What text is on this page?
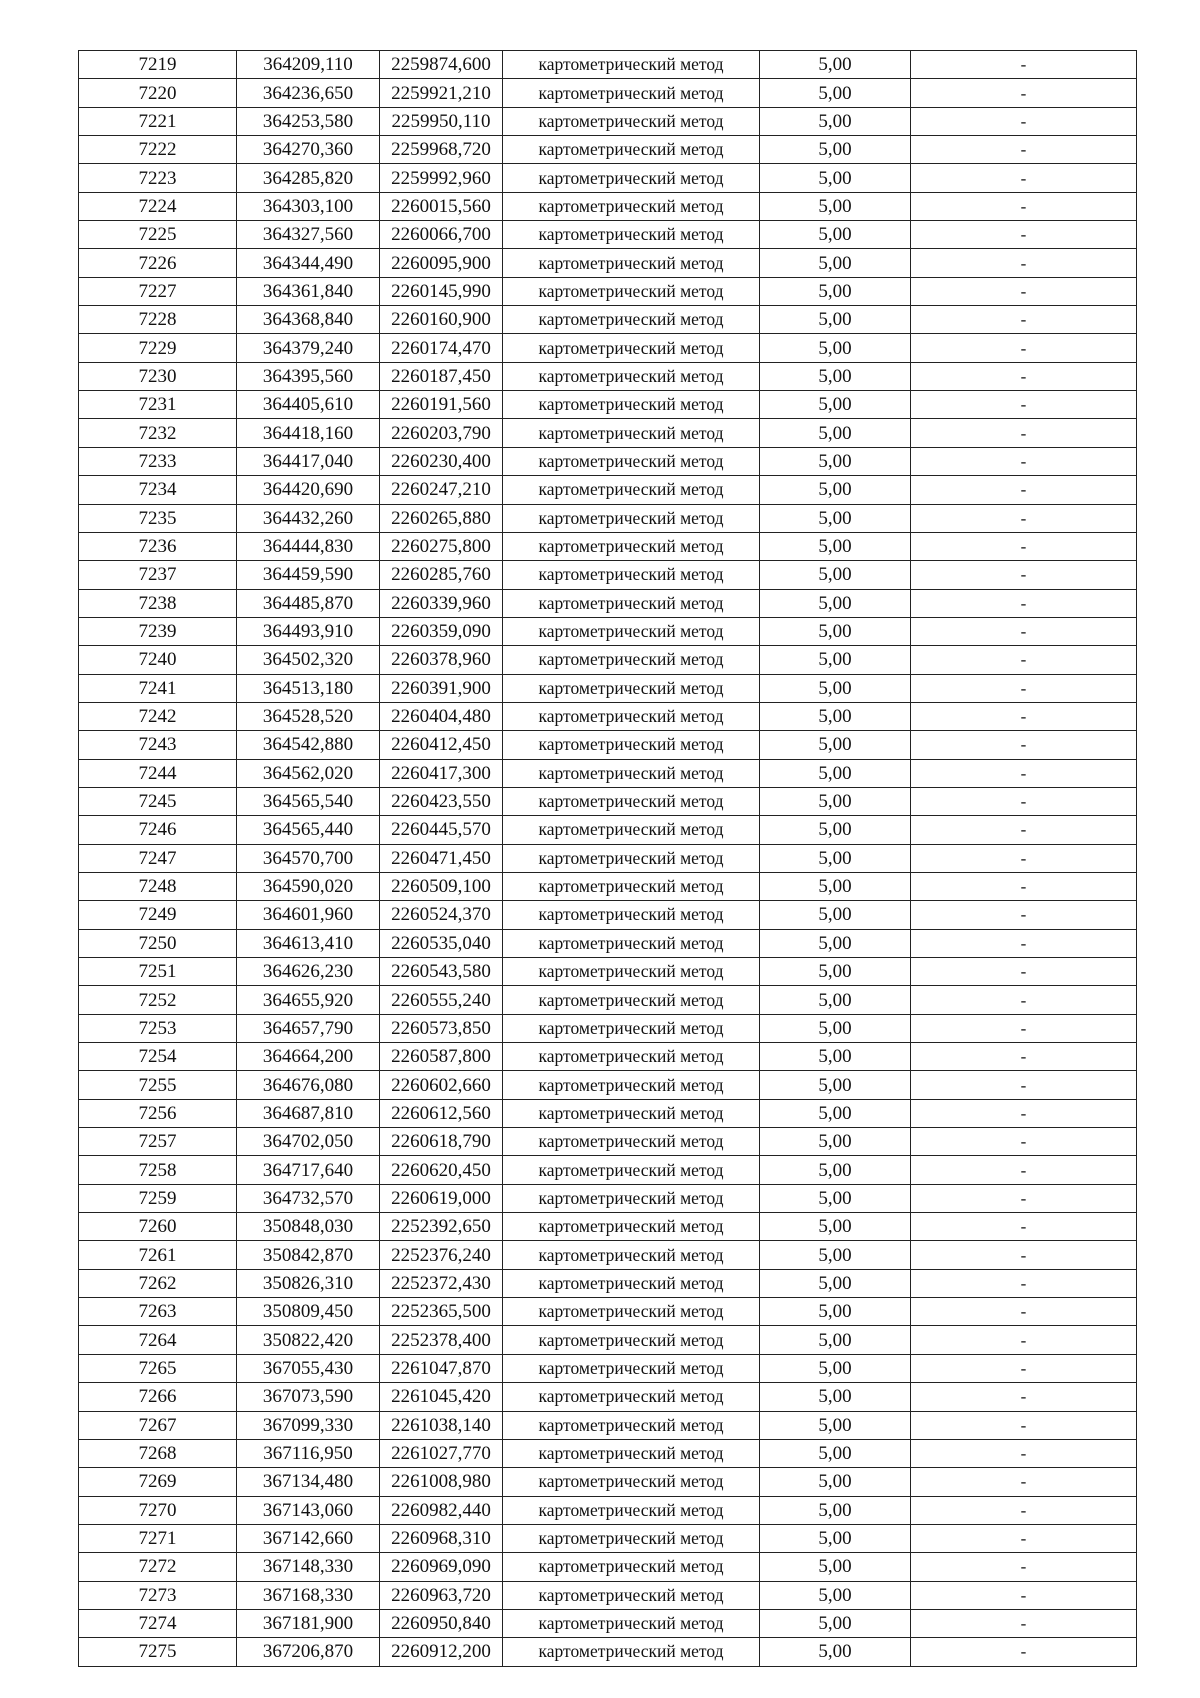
7219	364209,110	2259874,600	картометрический метод	5,00	-
7220	364236,650	2259921,210	картометрический метод	5,00	-
7221	364253,580	2259950,110	картометрический метод	5,00	-
7222	364270,360	2259968,720	картометрический метод	5,00	-
7223	364285,820	2259992,960	картометрический метод	5,00	-
7224	364303,100	2260015,560	картометрический метод	5,00	-
7225	364327,560	2260066,700	картометрический метод	5,00	-
7226	364344,490	2260095,900	картометрический метод	5,00	-
7227	364361,840	2260145,990	картометрический метод	5,00	-
7228	364368,840	2260160,900	картометрический метод	5,00	-
7229	364379,240	2260174,470	картометрический метод	5,00	-
7230	364395,560	2260187,450	картометрический метод	5,00	-
7231	364405,610	2260191,560	картометрический метод	5,00	-
7232	364418,160	2260203,790	картометрический метод	5,00	-
7233	364417,040	2260230,400	картометрический метод	5,00	-
7234	364420,690	2260247,210	картометрический метод	5,00	-
7235	364432,260	2260265,880	картометрический метод	5,00	-
7236	364444,830	2260275,800	картометрический метод	5,00	-
7237	364459,590	2260285,760	картометрический метод	5,00	-
7238	364485,870	2260339,960	картометрический метод	5,00	-
7239	364493,910	2260359,090	картометрический метод	5,00	-
7240	364502,320	2260378,960	картометрический метод	5,00	-
7241	364513,180	2260391,900	картометрический метод	5,00	-
7242	364528,520	2260404,480	картометрический метод	5,00	-
7243	364542,880	2260412,450	картометрический метод	5,00	-
7244	364562,020	2260417,300	картометрический метод	5,00	-
7245	364565,540	2260423,550	картометрический метод	5,00	-
7246	364565,440	2260445,570	картометрический метод	5,00	-
7247	364570,700	2260471,450	картометрический метод	5,00	-
7248	364590,020	2260509,100	картометрический метод	5,00	-
7249	364601,960	2260524,370	картометрический метод	5,00	-
7250	364613,410	2260535,040	картометрический метод	5,00	-
7251	364626,230	2260543,580	картометрический метод	5,00	-
7252	364655,920	2260555,240	картометрический метод	5,00	-
7253	364657,790	2260573,850	картометрический метод	5,00	-
7254	364664,200	2260587,800	картометрический метод	5,00	-
7255	364676,080	2260602,660	картометрический метод	5,00	-
7256	364687,810	2260612,560	картометрический метод	5,00	-
7257	364702,050	2260618,790	картометрический метод	5,00	-
7258	364717,640	2260620,450	картометрический метод	5,00	-
7259	364732,570	2260619,000	картометрический метод	5,00	-
7260	350848,030	2252392,650	картометрический метод	5,00	-
7261	350842,870	2252376,240	картометрический метод	5,00	-
7262	350826,310	2252372,430	картометрический метод	5,00	-
7263	350809,450	2252365,500	картометрический метод	5,00	-
7264	350822,420	2252378,400	картометрический метод	5,00	-
7265	367055,430	2261047,870	картометрический метод	5,00	-
7266	367073,590	2261045,420	картометрический метод	5,00	-
7267	367099,330	2261038,140	картометрический метод	5,00	-
7268	367116,950	2261027,770	картометрический метод	5,00	-
7269	367134,480	2261008,980	картометрический метод	5,00	-
7270	367143,060	2260982,440	картометрический метод	5,00	-
7271	367142,660	2260968,310	картометрический метод	5,00	-
7272	367148,330	2260969,090	картометрический метод	5,00	-
7273	367168,330	2260963,720	картометрический метод	5,00	-
7274	367181,900	2260950,840	картометрический метод	5,00	-
7275	367206,870	2260912,200	картометрический метод	5,00	-
